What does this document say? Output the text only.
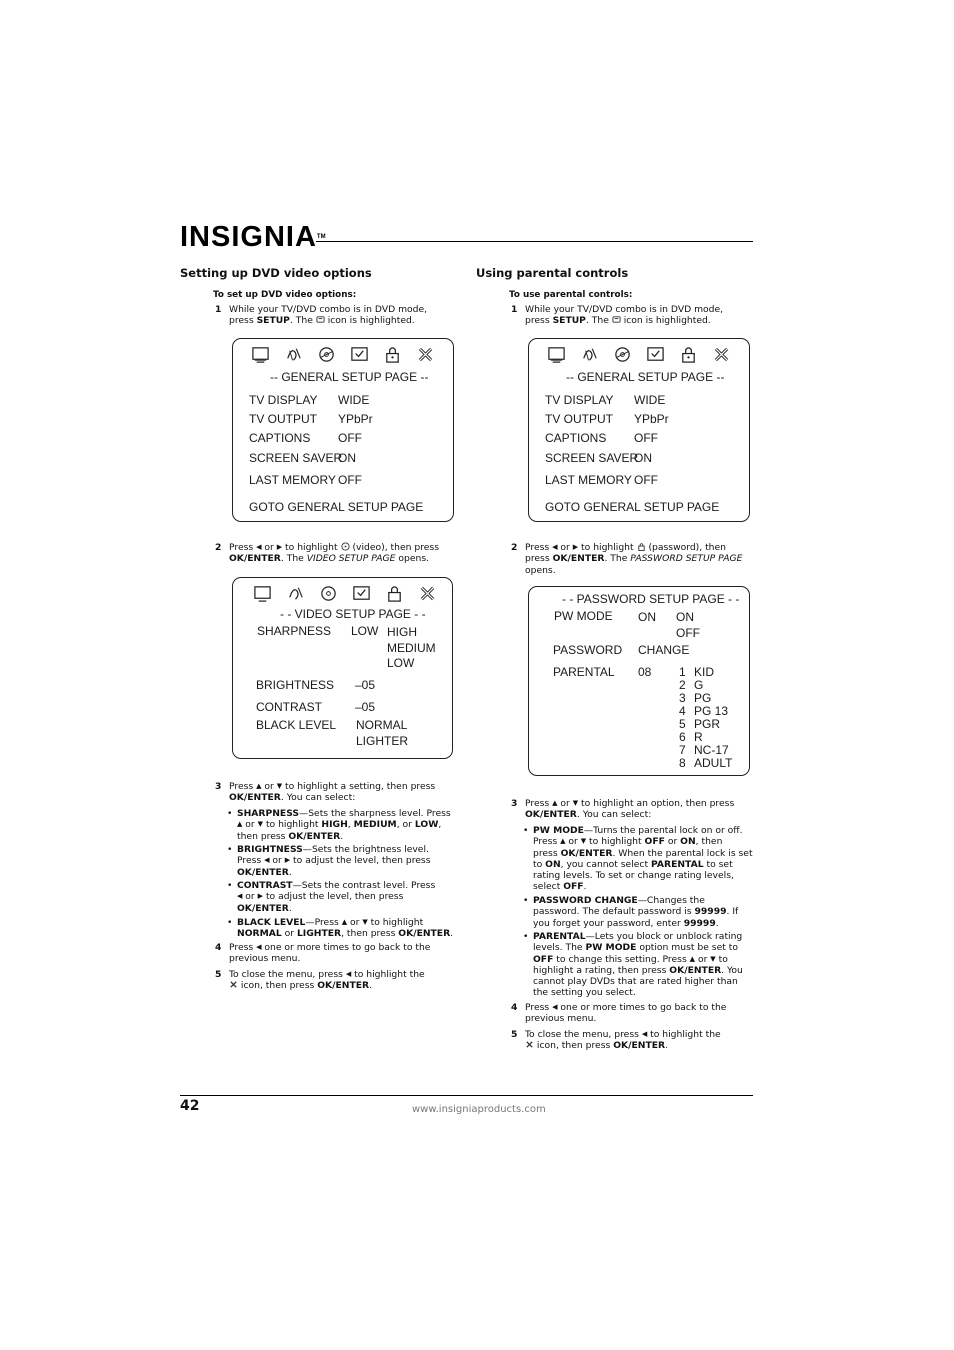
INSIGNIA™
Setting up DVD video options
To set up DVD video options:
1 While your TV/DVD combo is in DVD mode,
press SETUP. The  icon is highlighted.
-- GENERAL SETUP PAGE --
TV DISPLAY WIDE
TV OUTPUT YPbPr
CAPTIONS OFF
SCREEN SAVER
ON
LAST MEMORY OFF
GOTO GENERAL SETUP PAGE
2 Press ◀ or ▶ to highlight  (video), then press
OK/ENTER. The VIDEO SETUP PAGE opens.
- - VIDEO SETUP PAGE - -
SHARPNESS LOW HIGH
MEDIUM
LOW
BRIGHTNESS –05
CONTRAST	–05
BLACK LEVEL NORMAL
LIGHTER
3 Press ▲ or ▼ to highlight a setting, then press
OK/ENTER. You can select:
• SHARPNESS—Sets the sharpness level. Press
▲ or ▼ to highlight HIGH, MEDIUM, or LOW,
then press OK/ENTER.
• BRIGHTNESS—Sets the brightness level.
Press ◀ or ▶ to adjust the level, then press
OK/ENTER.
• CONTRAST—Sets the contrast level. Press
◀ or ▶ to adjust the level, then press
OK/ENTER.
• BLACK LEVEL—Press ▲ or ▼ to highlight
NORMAL or LIGHTER, then press OK/ENTER.
4 Press ◀ one or more times to go back to the
previous menu.
5 To close the menu, press ◀ to highlight the
icon, then press OK/ENTER.
Using parental controls
To use parental controls:
1 While your TV/DVD combo is in DVD mode,
press SETUP. The  icon is highlighted.
-- GENERAL SETUP PAGE --
TV DISPLAY WIDE
TV OUTPUT YPbPr
CAPTIONS OFF
SCREEN SAVER
ON
LAST MEMORY OFF
GOTO GENERAL SETUP PAGE
2 Press ◀ or ▶ to highlight  (password), then
press OK/ENTER. The PASSWORD SETUP PAGE
opens.
- - PASSWORD SETUP PAGE - -
PW MODE ON ON
OFF
PASSWORD CHANGE
PARENTAL 08 1 KID
2 G
3 PG
4 PG 13
5 PGR
6 R
7 NC-17
8 ADULT
3 Press ▲ or ▼ to highlight an option, then press
OK/ENTER. You can select:
• PW MODE—Turns the parental lock on or off.
Press ▲ or ▼ to highlight OFF or ON, then
press OK/ENTER. When the parental lock is set
to ON, you cannot select PARENTAL to set
rating levels. To set or change rating levels,
select OFF.
• PASSWORD CHANGE—Changes the
password. The default password is 99999. If
you forget your password, enter 99999.
• PARENTAL—Lets you block or unblock rating
levels. The PW MODE option must be set to
OFF to change this setting. Press ▲ or ▼ to
highlight a rating, then press OK/ENTER. You
cannot play DVDs that are rated higher than
the setting you select.
4 Press ◀ one or more times to go back to the
previous menu.
5 To close the menu, press ◀ to highlight the
icon, then press OK/ENTER.
42	www.insigniaproducts.com
